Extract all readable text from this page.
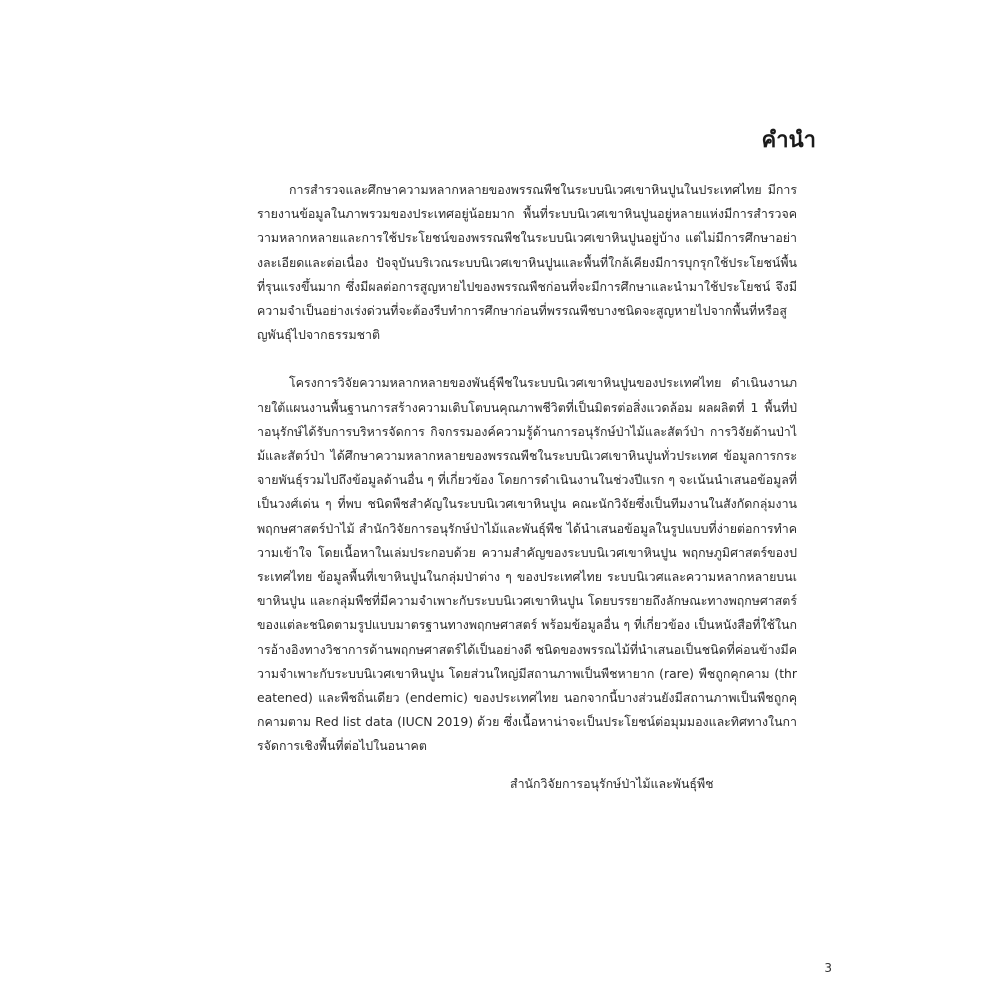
คำนำ

การสำรวจและศึกษาความหลากหลายของพรรณพืชในระบบนิเวศเขาหินปูนในประเทศไทย มีการรายงานข้อมูลในภาพรวมของประเทศอยู่น้อยมาก พื้นที่ระบบนิเวศเขาหินปูนอยู่หลายแห่งมีการสำรวจความหลากหลายและการใช้ประโยชน์ของพรรณพืชในระบบนิเวศเขาหินปูนอยู่บ้าง แต่ไม่มีการศึกษาอย่างละเอียดและต่อเนื่อง ปัจจุบันบริเวณระบบนิเวศเขาหินปูนและพื้นที่ใกล้เคียงมีการบุกรุกใช้ประโยชน์พื้นที่รุนแรงขึ้นมาก ซึ่งมีผลต่อการสูญหายไปของพรรณพืชก่อนที่จะมีการศึกษาและนำมาใช้ประโยชน์ จึงมีความจำเป็นอย่างเร่งด่วนที่จะต้องรีบทำการศึกษาก่อนที่พรรณพืชบางชนิดจะสูญหายไปจากพื้นที่หรือสูญพันธุ์ไปจากธรรมชาติ

โครงการวิจัยความหลากหลายของพันธุ์พืชในระบบนิเวศเขาหินปูนของประเทศไทย ดำเนินงานภายใต้แผนงานพื้นฐานการสร้างความเติบโตบนคุณภาพชีวิตที่เป็นมิตรต่อสิ่งแวดล้อม ผลผลิตที่ 1 พื้นที่ป่าอนุรักษ์ได้รับการบริหารจัดการ กิจกรรมองค์ความรู้ด้านการอนุรักษ์ป่าไม้และสัตว์ป่า การวิจัยด้านป่าไม้และสัตว์ป่า ได้ศึกษาความหลากหลายของพรรณพืชในระบบนิเวศเขาหินปูนทั่วประเทศ ข้อมูลการกระจายพันธุ์รวมไปถึงข้อมูลด้านอื่น ๆ ที่เกี่ยวข้อง โดยการดำเนินงานในช่วงปีแรก ๆ จะเน้นนำเสนอข้อมูลที่เป็นวงศ์เด่น ๆ ที่พบ ชนิดพืชสำคัญในระบบนิเวศเขาหินปูน คณะนักวิจัยซึ่งเป็นทีมงานในสังกัดกลุ่มงานพฤกษศาสตร์ป่าไม้ สำนักวิจัยการอนุรักษ์ป่าไม้และพันธุ์พืช ได้นำเสนอข้อมูลในรูปแบบที่ง่ายต่อการทำความเข้าใจ โดยเนื้อหาในเล่มประกอบด้วย ความสำคัญของระบบนิเวศเขาหินปูน พฤกษภูมิศาสตร์ของประเทศไทย ข้อมูลพื้นที่เขาหินปูนในกลุ่มป่าต่าง ๆ ของประเทศไทย ระบบนิเวศและความหลากหลายบนเขาหินปูน และกลุ่มพืชที่มีความจำเพาะกับระบบนิเวศเขาหินปูน โดยบรรยายถึงลักษณะทางพฤกษศาสตร์ของแต่ละชนิดตามรูปแบบมาตรฐานทางพฤกษศาสตร์ พร้อมข้อมูลอื่น ๆ ที่เกี่ยวข้อง เป็นหนังสือที่ใช้ในการอ้างอิงทางวิชาการด้านพฤกษศาสตร์ได้เป็นอย่างดี ชนิดของพรรณไม้ที่นำเสนอเป็นชนิดที่ค่อนข้างมีความจำเพาะกับระบบนิเวศเขาหินปูน โดยส่วนใหญ่มีสถานภาพเป็นพืชหายาก (rare) พืชถูกคุกคาม (threatened) และพืชถิ่นเดียว (endemic) ของประเทศไทย นอกจากนี้บางส่วนยังมีสถานภาพเป็นพืชถูกคุกคามตาม Red list data (IUCN 2019) ด้วย ซึ่งเนื้อหาน่าจะเป็นประโยชน์ต่อมุมมองและทิศทางในการจัดการเชิงพื้นที่ต่อไปในอนาคต

สำนักวิจัยการอนุรักษ์ป่าไม้และพันธุ์พืช
3
